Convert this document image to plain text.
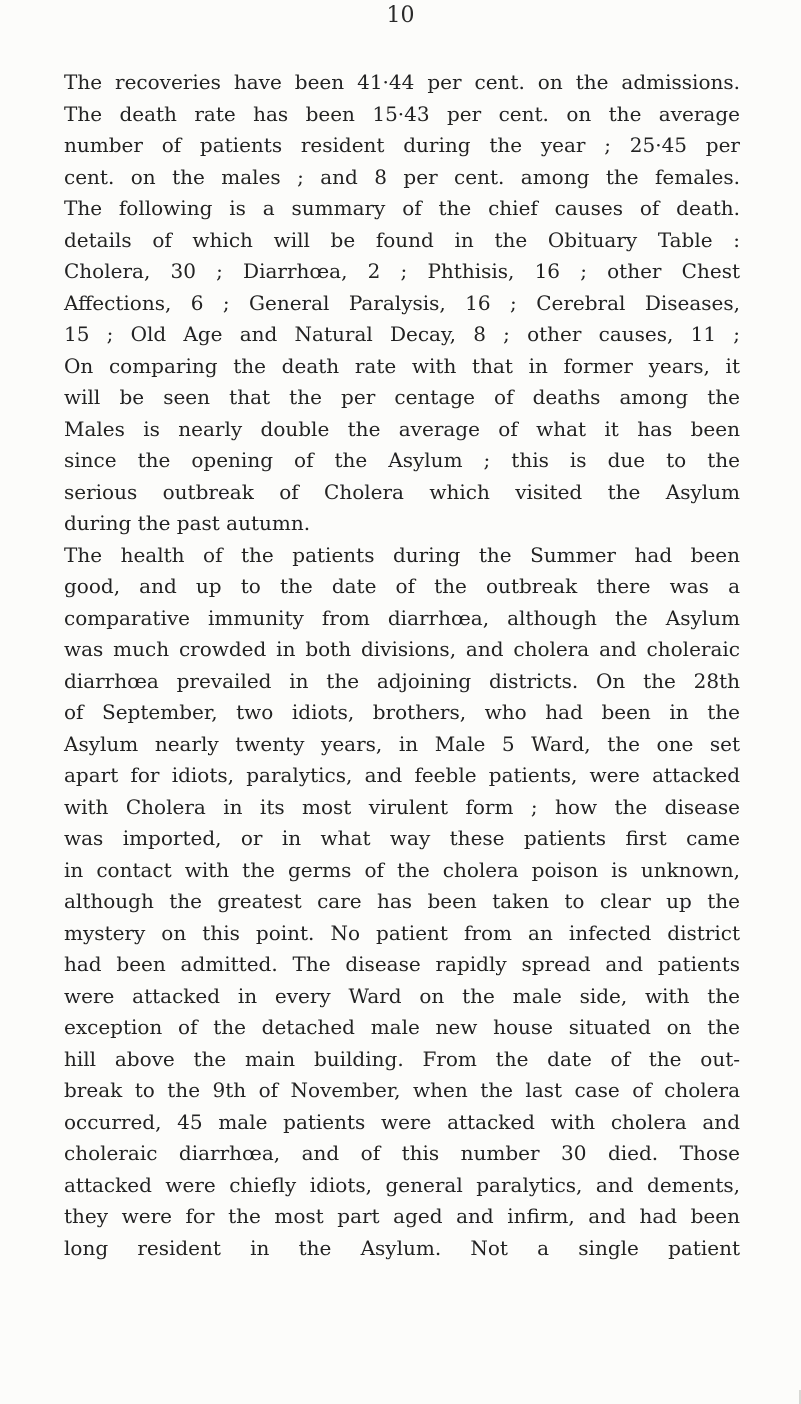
10
The recoveries have been 41·44 per cent. on the admissions.
The death rate has been 15·43 per cent. on the average
number of patients resident during the year ; 25·45 per
cent. on the males ; and 8 per cent. among the females.
The following is a summary of the chief causes of death.
details of which will be found in the Obituary Table :
Cholera, 30 ; Diarrhœa, 2 ; Phthisis, 16 ; other Chest
Affections, 6 ; General Paralysis, 16 ; Cerebral Diseases,
15 ; Old Age and Natural Decay, 8 ; other causes, 11 ;
On comparing the death rate with that in former years, it
will be seen that the per centage of deaths among the
Males is nearly double the average of what it has been
since the opening of the Asylum ; this is due to the
serious outbreak of Cholera which visited the Asylum
during the past autumn.
The health of the patients during the Summer had been
good, and up to the date of the outbreak there was a
comparative immunity from diarrhœa, although the Asylum
was much crowded in both divisions, and cholera and choleraic
diarrhœa prevailed in the adjoining districts. On the 28th
of September, two idiots, brothers, who had been in the
Asylum nearly twenty years, in Male 5 Ward, the one set
apart for idiots, paralytics, and feeble patients, were attacked
with Cholera in its most virulent form ; how the disease
was imported, or in what way these patients first came
in contact with the germs of the cholera poison is unknown,
although the greatest care has been taken to clear up the
mystery on this point. No patient from an infected district
had been admitted. The disease rapidly spread and patients
were attacked in every Ward on the male side, with the
exception of the detached male new house situated on the
hill above the main building. From the date of the out-
break to the 9th of November, when the last case of cholera
occurred, 45 male patients were attacked with cholera and
choleraic diarrhœa, and of this number 30 died. Those
attacked were chiefly idiots, general paralytics, and dements,
they were for the most part aged and infirm, and had been
long resident in the Asylum. Not a single patient
